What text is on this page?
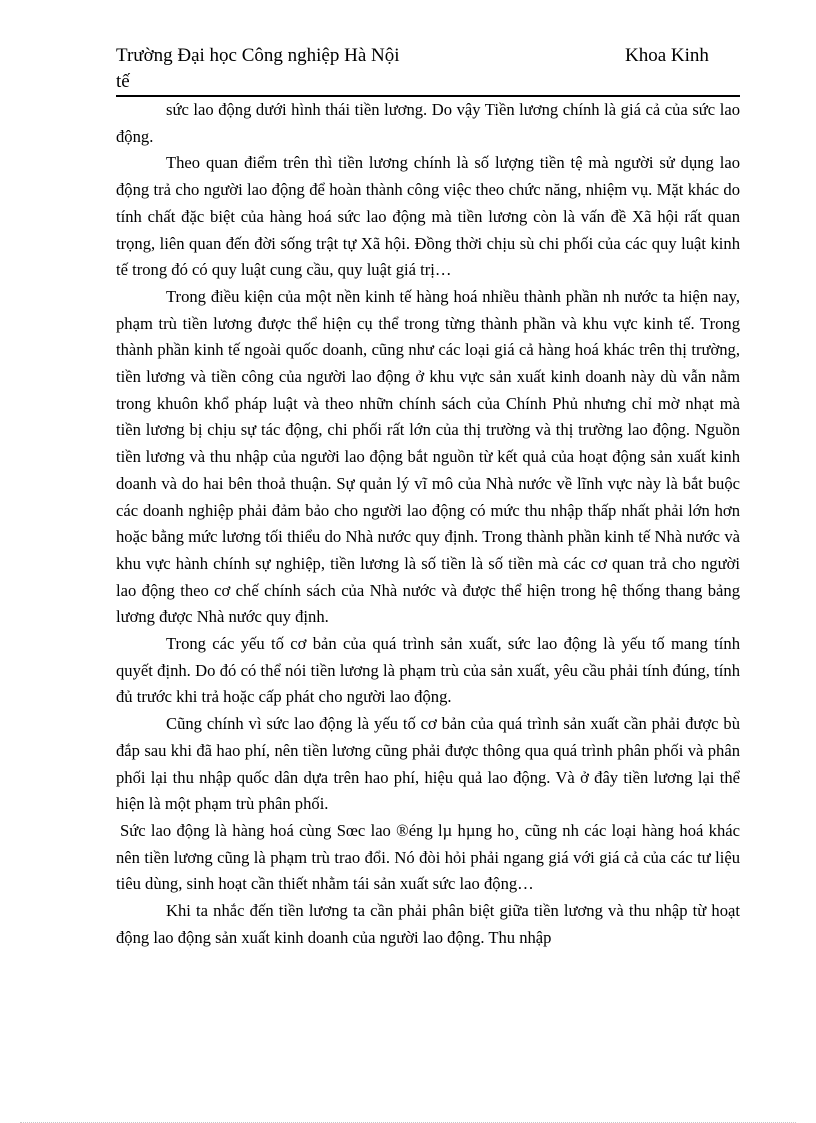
Trường Đại học Công nghiệp Hà Nội	Khoa Kinh
tế

sức lao động dưới hình thái tiền lương. Do vậy Tiền lương chính là giá cả của sức lao động.

Theo quan điểm trên thì tiền lương chính là số lượng tiền tệ mà người sử dụng lao động trả cho người lao động để hoàn thành công việc theo chức năng, nhiệm vụ. Mặt khác do tính chất đặc biệt của hàng hoá sức lao động mà tiền lương còn là vấn đề Xã hội rất quan trọng, liên quan đến đời sống trật tự Xã hội. Đồng thời chịu sù chi phối của các quy luật kinh tế trong đó có quy luật cung cầu, quy luật giá trị…

Trong điều kiện của một nền kinh tế hàng hoá nhiều thành phần nh nước ta hiện nay, phạm trù tiền lương được thể hiện cụ thể trong từng thành phần và khu vực kinh tế. Trong thành phần kinh tế ngoài quốc doanh, cũng như các loại giá cả hàng hoá khác trên thị trường, tiền lương và tiền công của người lao động ở khu vực sản xuất kinh doanh này dù vẫn nằm trong khuôn khổ pháp luật và theo nhữn chính sách của Chính Phủ nhưng chỉ mờ nhạt mà tiền lương bị chịu sự tác động, chi phối rất lớn của thị trường và thị trường lao động. Nguồn tiền lương và thu nhập của người lao động bắt nguồn từ kết quả của hoạt động sản xuất kinh doanh và do hai bên thoả thuận. Sự quản lý vĩ mô của Nhà nước về lĩnh vực này là bắt buộc các doanh nghiệp phải đảm bảo cho người lao động có mức thu nhập thấp nhất phải lớn hơn hoặc bằng mức lương tối thiểu do Nhà nước quy định. Trong thành phần kinh tế Nhà nước và khu vực hành chính sự nghiệp, tiền lương là số tiền là số tiền mà các cơ quan trả cho người lao động theo cơ chế chính sách của Nhà nước và được thể hiện trong hệ thống thang bảng lương được Nhà nước quy định.

Trong các yếu tố cơ bản của quá trình sản xuất, sức lao động là yếu tố mang tính quyết định. Do đó có thể nói tiền lương là phạm trù của sản xuất, yêu cầu phải tính đúng, tính đủ trước khi trả hoặc cấp phát cho người lao động.

Cũng chính vì sức lao động là yếu tố cơ bản của quá trình sản xuất cần phải được bù đắp sau khi đã hao phí, nên tiền lương cũng phải được thông qua quá trình phân phối và phân phối lại thu nhập quốc dân dựa trên hao phí, hiệu quả lao động. Và ở đây tiền lương lại thể hiện là một phạm trù phân phối.

Sức lao động là hàng hoá cùng Sœc lao ®éng lµ hµng ho¸ cũng nh các loại hàng hoá khác nên tiền lương cũng là phạm trù trao đổi. Nó đòi hỏi phải ngang giá với giá cả của các tư liệu tiêu dùng, sinh hoạt cần thiết nhằm tái sản xuất sức lao động…

Khi ta nhắc đến tiền lương ta cần phải phân biệt giữa tiền lương và thu nhập từ hoạt động lao động sản xuất kinh doanh của người lao động. Thu nhập
